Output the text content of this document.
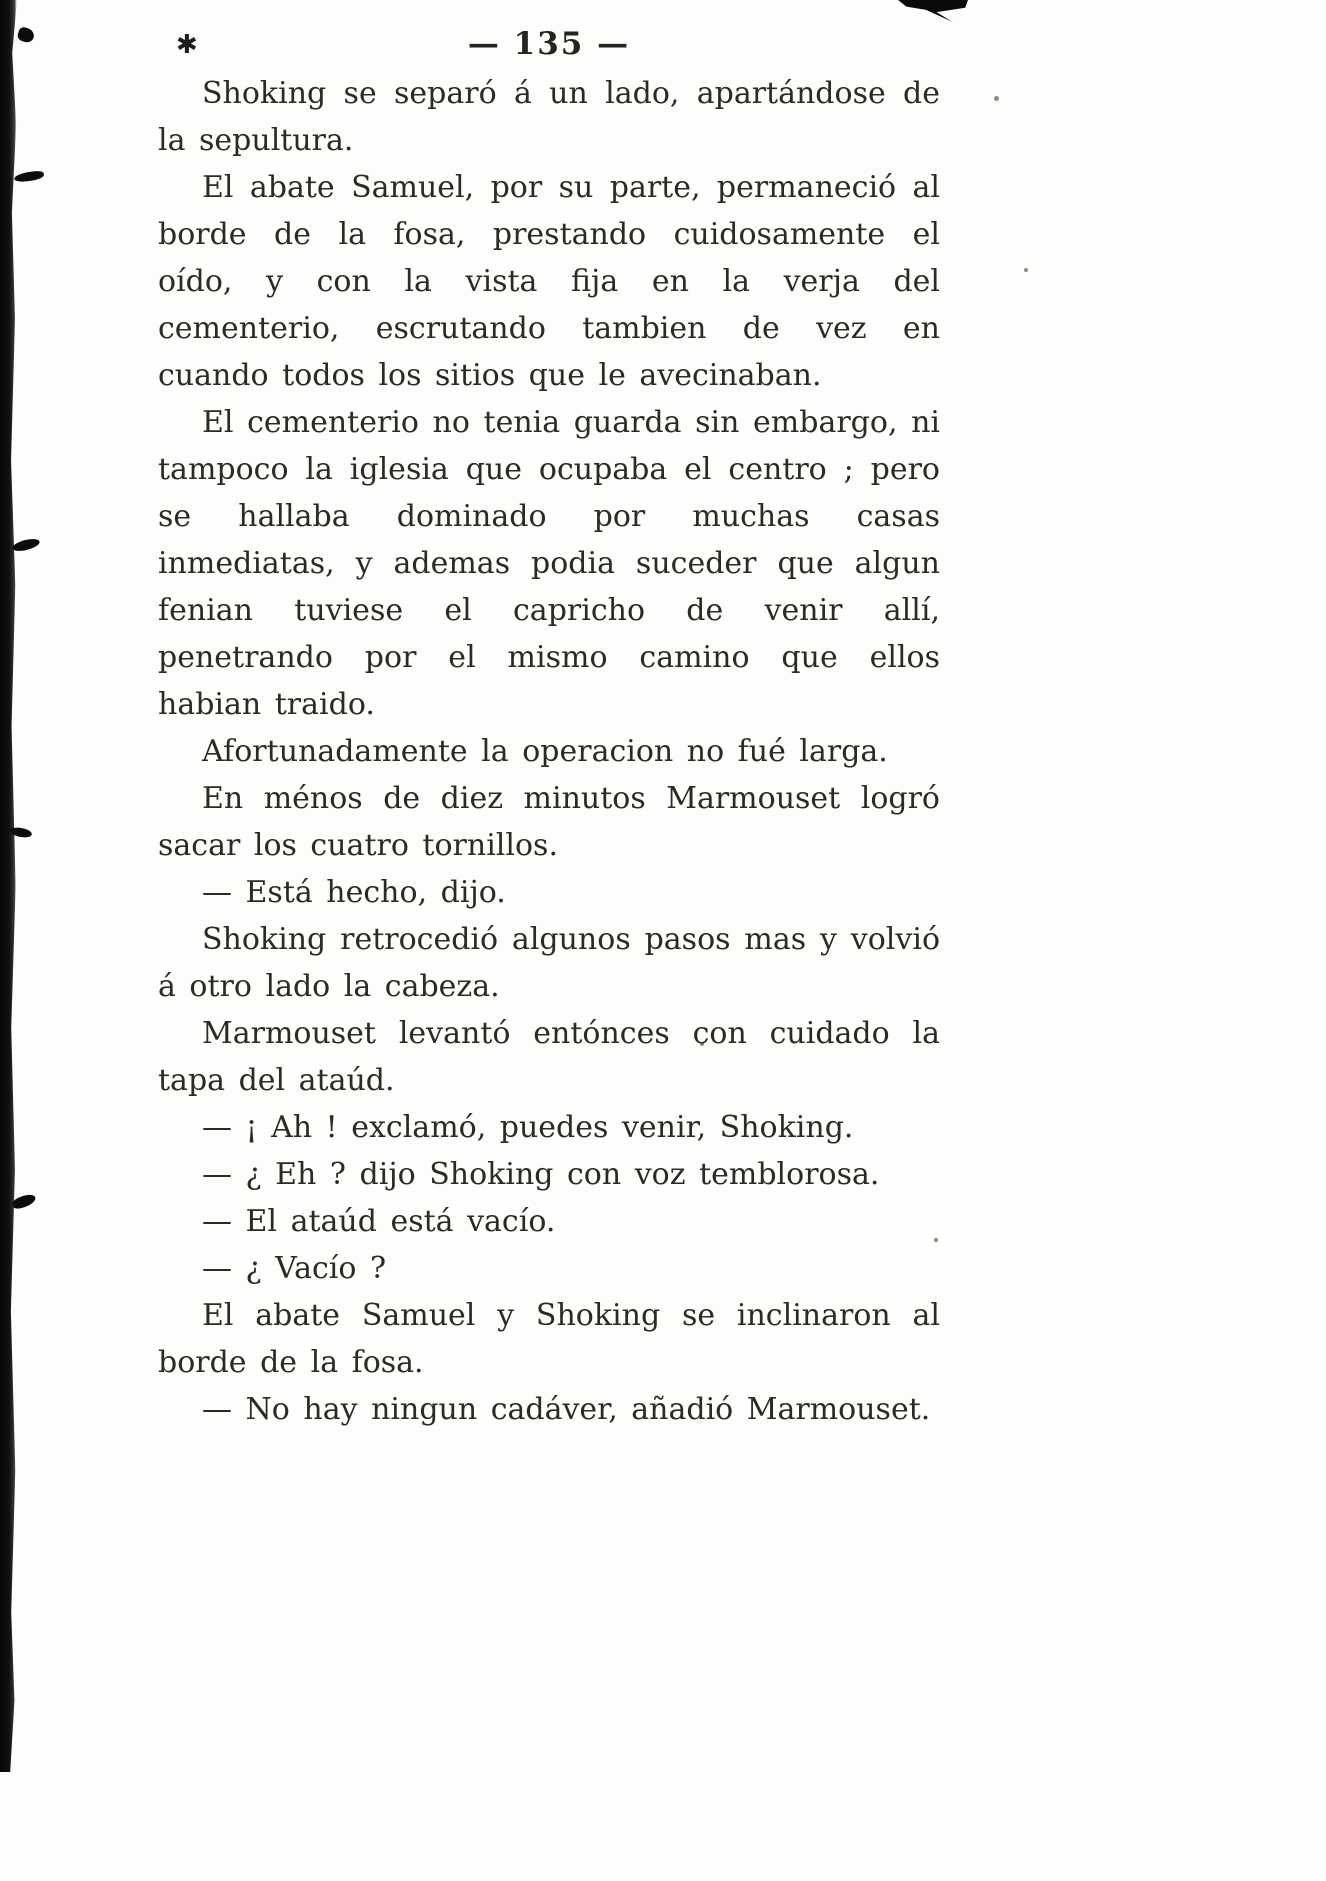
✱	— 135 —

Shoking se separó á un lado, apartándose de la sepultura.

El abate Samuel, por su parte, permaneció al borde de la fosa, prestando cuidosamente el oído, y con la vista fija en la verja del cementerio, escrutando tambien de vez en cuando todos los sitios que le avecinaban.

El cementerio no tenia guarda sin embargo, ni tampoco la iglesia que ocupaba el centro ; pero se hallaba dominado por muchas casas inmediatas, y ademas podia suceder que algun fenian tuviese el capricho de venir allí, penetrando por el mismo camino que ellos habian traido.

Afortunadamente la operacion no fué larga.

En ménos de diez minutos Marmouset logró sacar los cuatro tornillos.

— Está hecho, dijo.

Shoking retrocedió algunos pasos mas y volvió á otro lado la cabeza.

Marmouset levantó entónces con cuidado la tapa del ataúd.

— ¡ Ah ! exclamó, puedes venir, Shoking.

— ¿ Eh ? dijo Shoking con voz temblorosa.

— El ataúd está vacío.

— ¿ Vacío ?

El abate Samuel y Shoking se inclinaron al borde de la fosa.

— No hay ningun cadáver, añadió Marmouset.
